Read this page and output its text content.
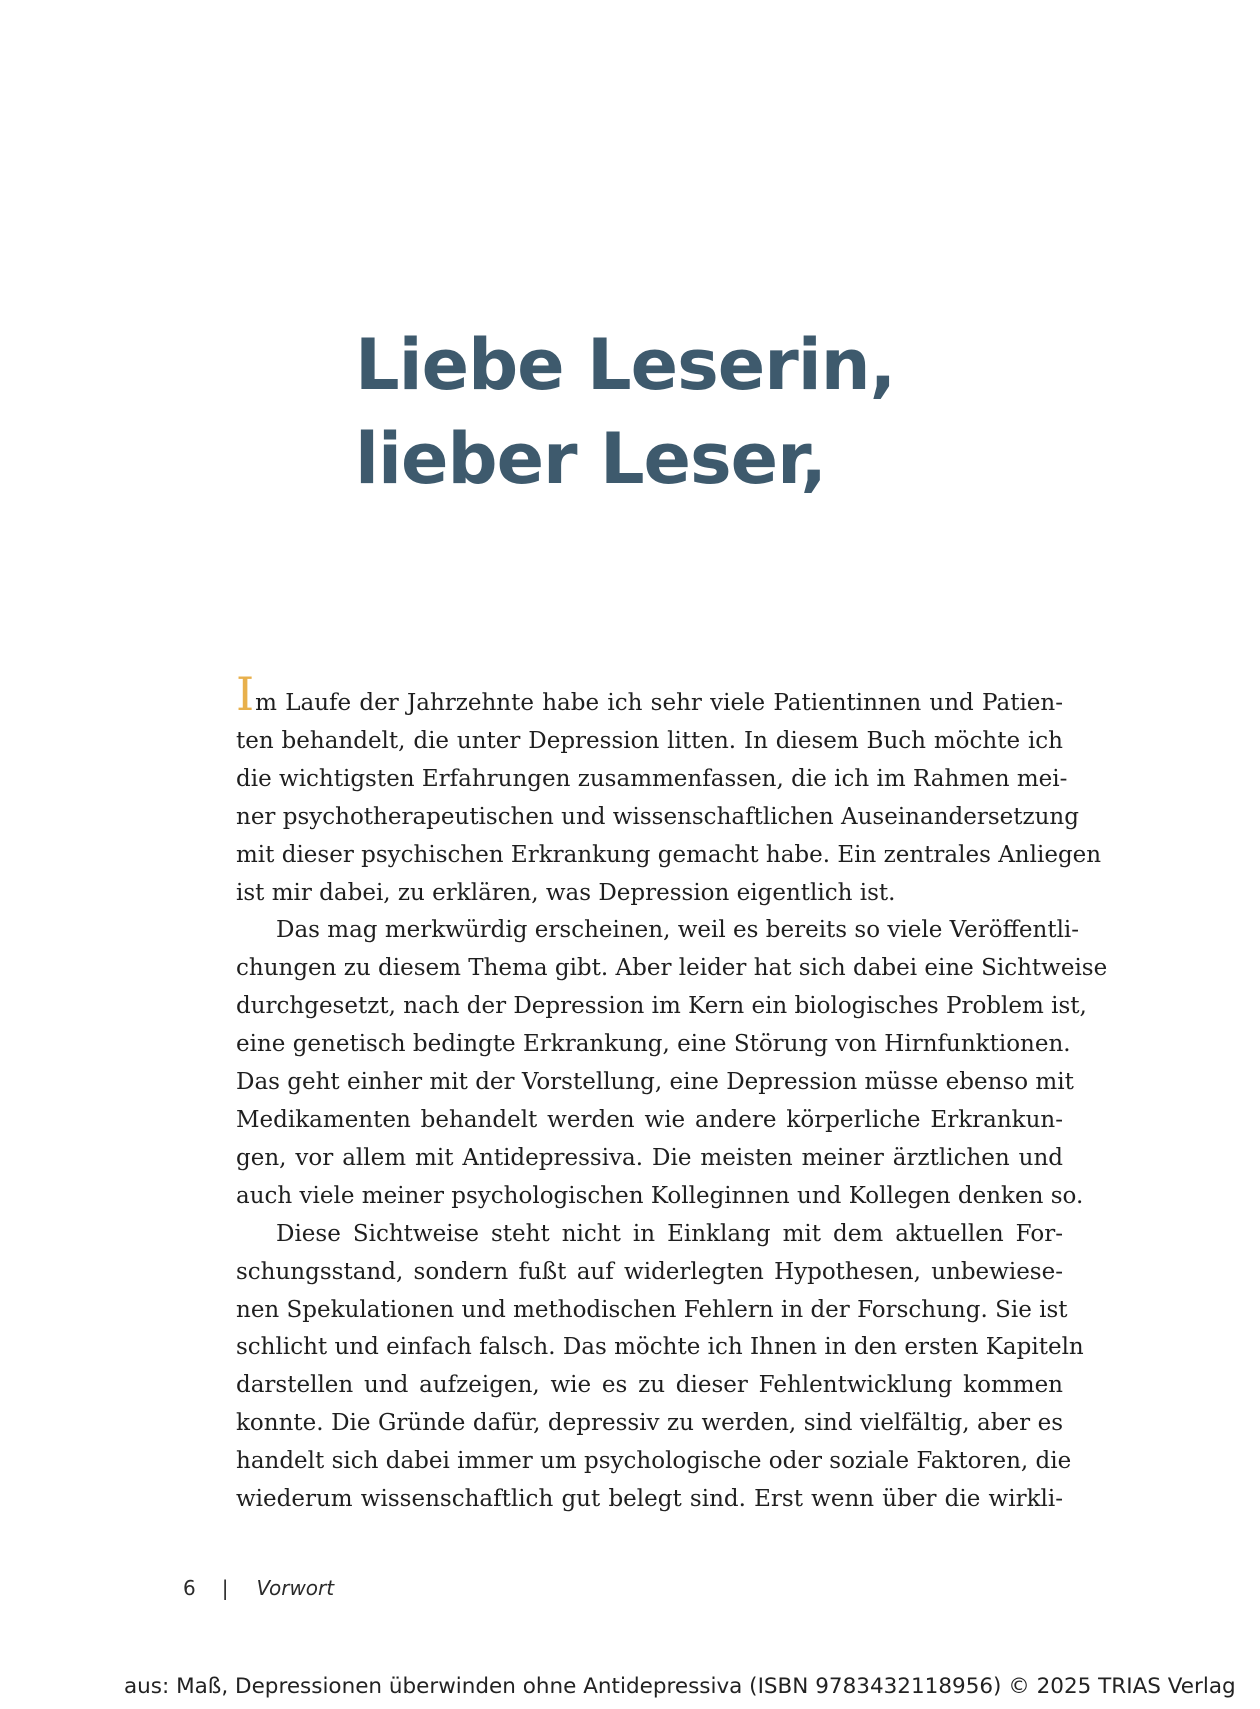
Liebe Leserin,
lieber Leser,

Im Laufe der Jahrzehnte habe ich sehr viele Patientinnen und Patien-
ten behandelt, die unter Depression litten. In diesem Buch möchte ich
die wichtigsten Erfahrungen zusammenfassen, die ich im Rahmen mei-
ner psychotherapeutischen und wissenschaftlichen Auseinandersetzung
mit dieser psychischen Erkrankung gemacht habe. Ein zentrales Anliegen
ist mir dabei, zu erklären, was Depression eigentlich ist.

Das mag merkwürdig erscheinen, weil es bereits so viele Veröffentli-
chungen zu diesem Thema gibt. Aber leider hat sich dabei eine Sichtweise
durchgesetzt, nach der Depression im Kern ein biologisches Problem ist,
eine genetisch bedingte Erkrankung, eine Störung von Hirnfunktionen.
Das geht einher mit der Vorstellung, eine Depression müsse ebenso mit
Medikamenten behandelt werden wie andere körperliche Erkrankun-
gen, vor allem mit Antidepressiva. Die meisten meiner ärztlichen und
auch viele meiner psychologischen Kolleginnen und Kollegen denken so.

Diese Sichtweise steht nicht in Einklang mit dem aktuellen For-
schungsstand, sondern fußt auf widerlegten Hypothesen, unbewiese-
nen Spekulationen und methodischen Fehlern in der Forschung. Sie ist
schlicht und einfach falsch. Das möchte ich Ihnen in den ersten Kapiteln
darstellen und aufzeigen, wie es zu dieser Fehlentwicklung kommen
konnte. Die Gründe dafür, depressiv zu werden, sind vielfältig, aber es
handelt sich dabei immer um psychologische oder soziale Faktoren, die
wiederum wissenschaftlich gut belegt sind. Erst wenn über die wirkli-

6 | Vorwort
aus: Maß, Depressionen überwinden ohne Antidepressiva (ISBN 9783432118956) © 2025 TRIAS Verlag
